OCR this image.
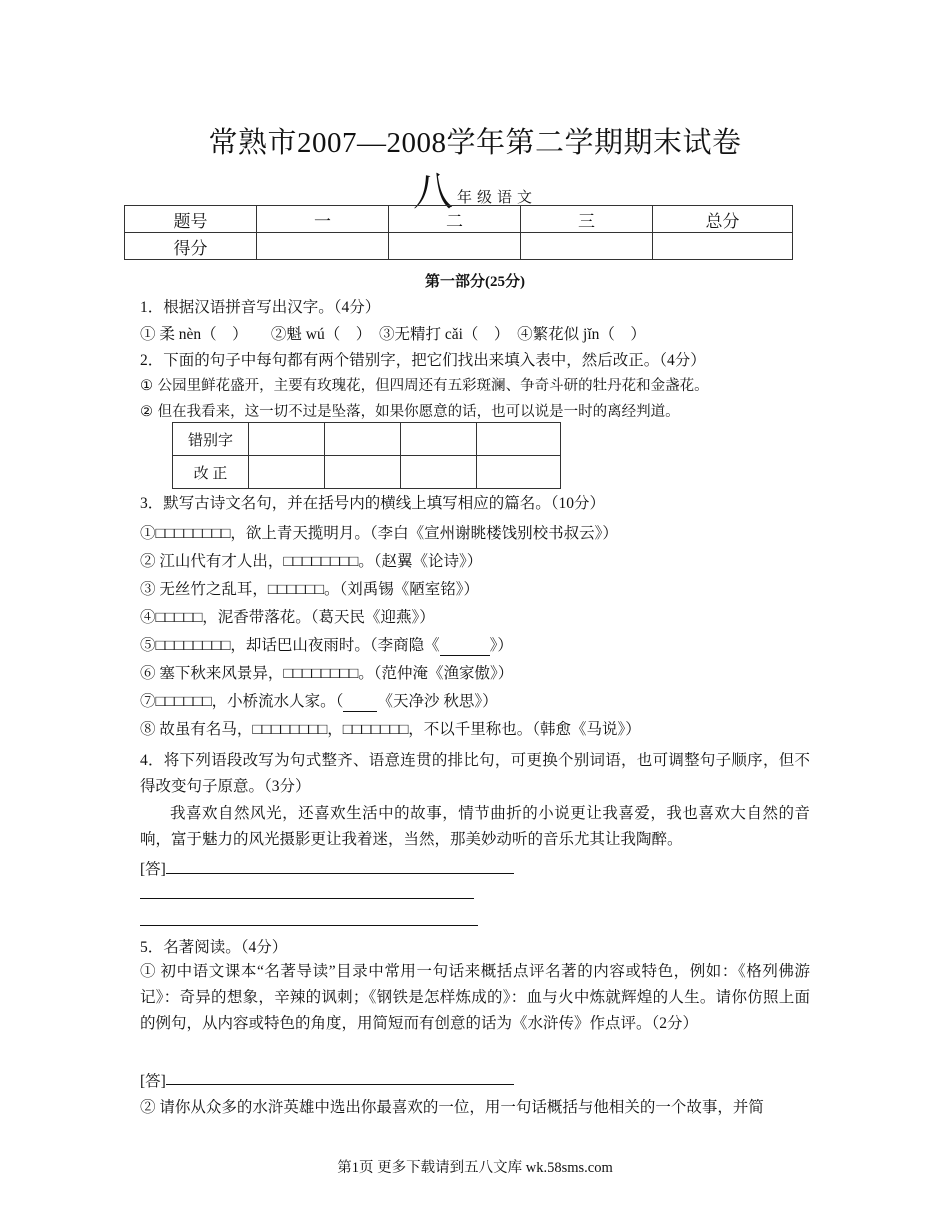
常熟市2007—2008学年第二学期期末试卷
八年级语文
题号	一	二	三	总分
得分				
第一部分(25分)
1．根据汉语拼音写出汉字。（4分）
① 柔 nèn（　）　　②魁 wú（　）　③无精打 cǎi（　）　④繁花似 jǐn（　）
2．下面的句子中每句都有两个错别字，把它们找出来填入表中，然后改正。（4分）
① 公园里鲜花盛开，主要有玫瑰花，但四周还有五彩斑澜、争奇斗研的牡丹花和金盏花。
② 但在我看来，这一切不过是坠落，如果你愿意的话，也可以说是一时的离经判道。
错别字				
改 正				
3．默写古诗文名句，并在括号内的横线上填写相应的篇名。（10分）
①□□□□□□□□，欲上青天揽明月。（李白《宣州谢眺楼饯别校书叔云》）
② 江山代有才人出，□□□□□□□□。（赵翼《论诗》）
③ 无丝竹之乱耳，□□□□□□。（刘禹锡《陋室铭》）
④□□□□□，泥香带落花。（葛天民《迎燕》）
⑤□□□□□□□□，却话巴山夜雨时。（李商隐《	》）
⑥ 塞下秋来风景异，□□□□□□□□。（范仲淹《渔家傲》）
⑦□□□□□□，小桥流水人家。（ 《天净沙 秋思》）
⑧ 故虽有名马，□□□□□□□□，□□□□□□□，不以千里称也。（韩愈《马说》）
4．将下列语段改写为句式整齐、语意连贯的排比句，可更换个别词语，也可调整句子顺序，但不得改变句子原意。（3分）
我喜欢自然风光，还喜欢生活中的故事，情节曲折的小说更让我喜爱，我也喜欢大自然的音响，富于魅力的风光摄影更让我着迷，当然，那美妙动听的音乐尤其让我陶醉。
[答]
5．名著阅读。（4分）
① 初中语文课本“名著导读”目录中常用一句话来概括点评名著的内容或特色，例如：《格列佛游记》：奇异的想象，辛辣的讽刺；《钢铁是怎样炼成的》：血与火中炼就辉煌的人生。请你仿照上面的例句，从内容或特色的角度，用简短而有创意的话为《水浒传》作点评。（2分）
[答]
② 请你从众多的水浒英雄中选出你最喜欢的一位，用一句话概括与他相关的一个故事，并简
第1页 更多下载请到五八文库 wk.58sms.com
